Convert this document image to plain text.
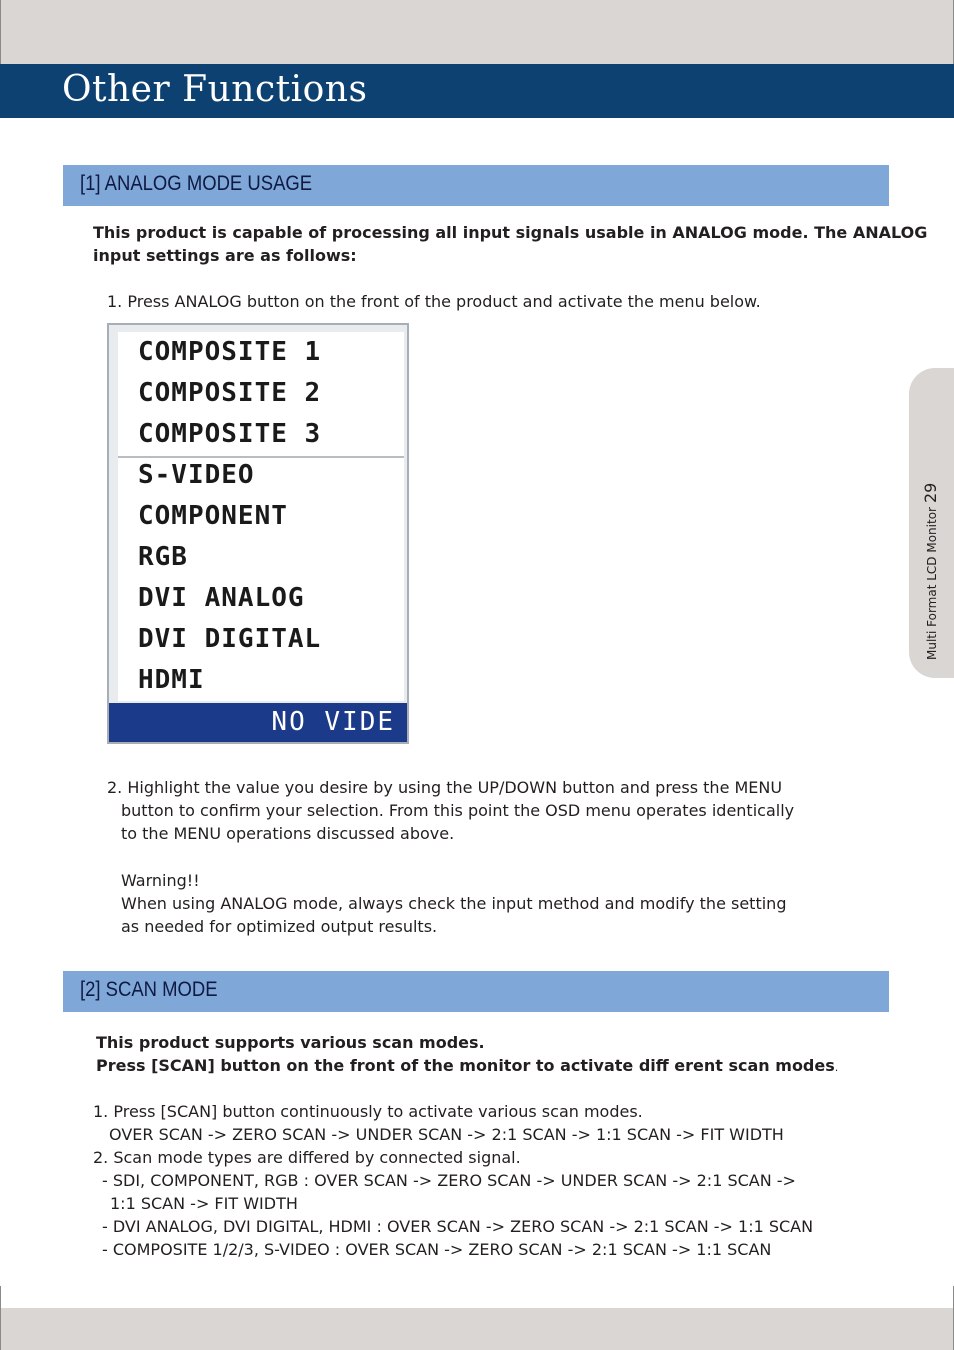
Other Functions
Multi Format LCD Monitor29
[1] ANALOG MODE USAGE
This product is capable of processing all input signals usable in ANALOG mode. The ANALOG
input settings are as follows:
1. Press ANALOG button on the front of the product and activate the menu below.
COMPOSITE 1
COMPOSITE 2
COMPOSITE 3
S-VIDEO
COMPONENT
RGB
DVI ANALOG
DVI DIGITAL
HDMI
NO VIDE
2. Highlight the value you desire by using the UP/DOWN button and press the MENU
button to confirm your selection. From this point the OSD menu operates identically
to the MENU operations discussed above.
Warning!!
When using ANALOG mode, always check the input method and modify the setting
as needed for optimized output results.
[2] SCAN MODE
This product supports various scan modes.
Press [SCAN] button on the front of the monitor to activate diff erent scan modes.
1. Press [SCAN] button continuously to activate various scan modes.
OVER SCAN -> ZERO SCAN -> UNDER SCAN -> 2:1 SCAN -> 1:1 SCAN -> FIT WIDTH
2. Scan mode types are differed by connected signal.
- SDI, COMPONENT, RGB : OVER SCAN -> ZERO SCAN -> UNDER SCAN -> 2:1 SCAN ->
1:1 SCAN -> FIT WIDTH
- DVI ANALOG, DVI DIGITAL, HDMI : OVER SCAN -> ZERO SCAN -> 2:1 SCAN -> 1:1 SCAN
- COMPOSITE 1/2/3, S-VIDEO : OVER SCAN -> ZERO SCAN -> 2:1 SCAN -> 1:1 SCAN
